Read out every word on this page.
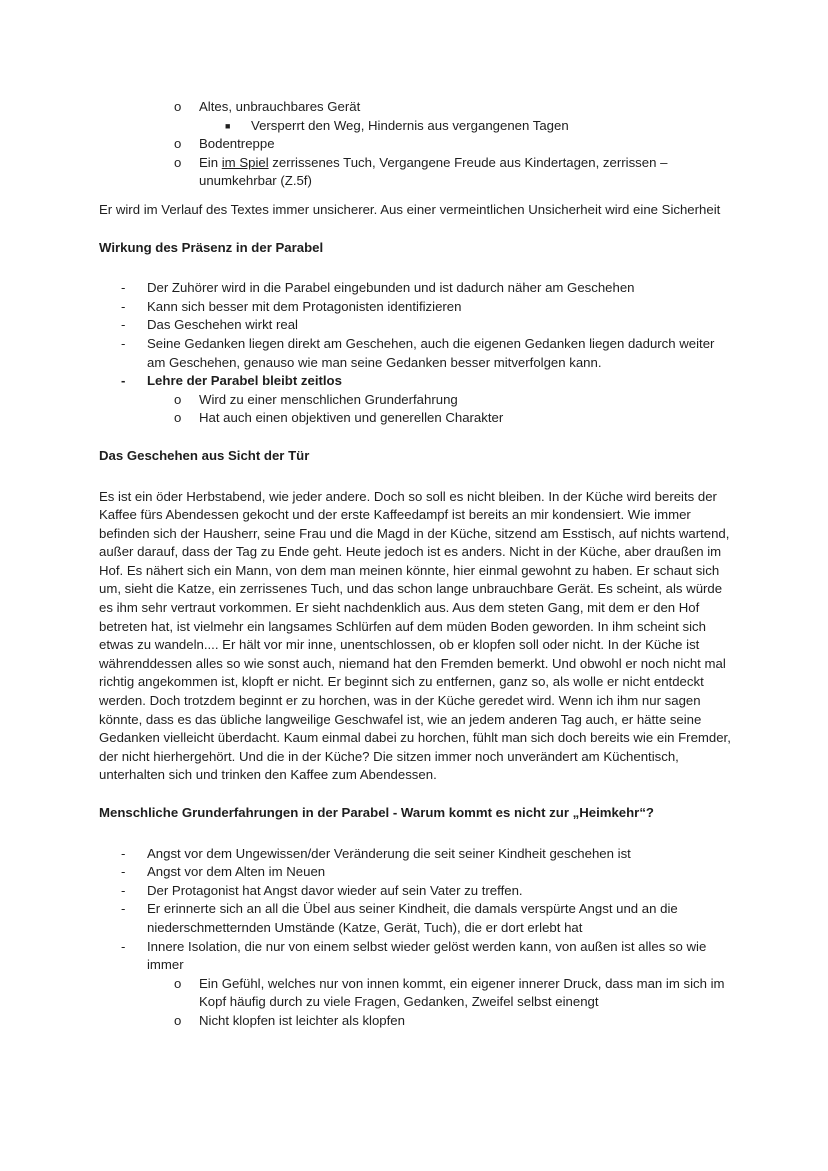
o Altes, unbrauchbares Gerät
■ Versperrt den Weg, Hindernis aus vergangenen Tagen
o Bodentreppe
o Ein im Spiel zerrissenes Tuch, Vergangene Freude aus Kindertagen, zerrissen – unumkehrbar (Z.5f)

Er wird im Verlauf des Textes immer unsicherer. Aus einer vermeintlichen Unsicherheit wird eine Sicherheit

Wirkung des Präsenz in der Parabel

- Der Zuhörer wird in die Parabel eingebunden und ist dadurch näher am Geschehen
- Kann sich besser mit dem Protagonisten identifizieren
- Das Geschehen wirkt real
- Seine Gedanken liegen direkt am Geschehen, auch die eigenen Gedanken liegen dadurch weiter am Geschehen, genauso wie man seine Gedanken besser mitverfolgen kann.
- Lehre der Parabel bleibt zeitlos
o Wird zu einer menschlichen Grunderfahrung
o Hat auch einen objektiven und generellen Charakter

Das Geschehen aus Sicht der Tür

Es ist ein öder Herbstabend, wie jeder andere. Doch so soll es nicht bleiben. In der Küche wird bereits der Kaffee fürs Abendessen gekocht und der erste Kaffeedampf ist bereits an mir kondensiert. Wie immer befinden sich der Hausherr, seine Frau und die Magd in der Küche, sitzend am Esstisch, auf nichts wartend, außer darauf, dass der Tag zu Ende geht. Heute jedoch ist es anders. Nicht in der Küche, aber draußen im Hof. Es nähert sich ein Mann, von dem man meinen könnte, hier einmal gewohnt zu haben. Er schaut sich um, sieht die Katze, ein zerrissenes Tuch, und das schon lange unbrauchbare Gerät. Es scheint, als würde es ihm sehr vertraut vorkommen. Er sieht nachdenklich aus. Aus dem steten Gang, mit dem er den Hof betreten hat, ist vielmehr ein langsames Schlürfen auf dem müden Boden geworden. In ihm scheint sich etwas zu wandeln.... Er hält vor mir inne, unentschlossen, ob er klopfen soll oder nicht. In der Küche ist währenddessen alles so wie sonst auch, niemand hat den Fremden bemerkt. Und obwohl er noch nicht mal richtig angekommen ist, klopft er nicht. Er beginnt sich zu entfernen, ganz so, als wolle er nicht entdeckt werden. Doch trotzdem beginnt er zu horchen, was in der Küche geredet wird. Wenn ich ihm nur sagen könnte, dass es das übliche langweilige Geschwafel ist, wie an jedem anderen Tag auch, er hätte seine Gedanken vielleicht überdacht. Kaum einmal dabei zu horchen, fühlt man sich doch bereits wie ein Fremder, der nicht hierhergehört. Und die in der Küche? Die sitzen immer noch unverändert am Küchentisch, unterhalten sich und trinken den Kaffee zum Abendessen.

Menschliche Grunderfahrungen in der Parabel - Warum kommt es nicht zur „Heimkehr“?

- Angst vor dem Ungewissen/der Veränderung die seit seiner Kindheit geschehen ist
- Angst vor dem Alten im Neuen
- Der Protagonist hat Angst davor wieder auf sein Vater zu treffen.
- Er erinnerte sich an all die Übel aus seiner Kindheit, die damals verspürte Angst und an die niederschmetternden Umstände (Katze, Gerät, Tuch), die er dort erlebt hat
- Innere Isolation, die nur von einem selbst wieder gelöst werden kann, von außen ist alles so wie immer
o Ein Gefühl, welches nur von innen kommt, ein eigener innerer Druck, dass man im sich im Kopf häufig durch zu viele Fragen, Gedanken, Zweifel selbst einengt
o Nicht klopfen ist leichter als klopfen
